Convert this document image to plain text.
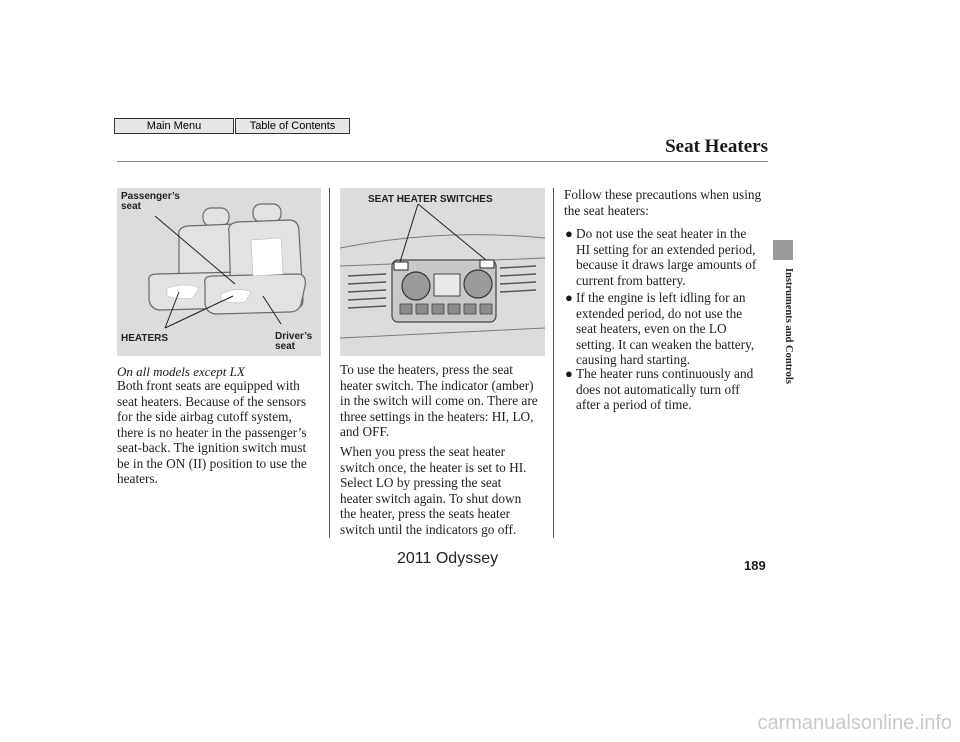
Main Menu	Table of Contents
Seat Heaters
Passenger’s
seat
HEATERS	Driver’s
seat
SEAT HEATER SWITCHES
On all models except LX
Both front seats are equipped with
seat heaters. Because of the sensors
for the side airbag cutoff system,
there is no heater in the passenger’s
seat-back. The ignition switch must
be in the ON (II) position to use the
heaters.
To use the heaters, press the seat
heater switch. The indicator (amber)
in the switch will come on. There are
three settings in the heaters: HI, LO,
and OFF.
When you press the seat heater
switch once, the heater is set to HI.
Select LO by pressing the seat
heater switch again. To shut down
the heater, press the seats heater
switch until the indicators go off.
Follow these precautions when using
the seat heaters:
● Do not use the seat heater in the
HI setting for an extended period,
because it draws large amounts of
current from battery.
● If the engine is left idling for an
extended period, do not use the
seat heaters, even on the LO
setting. It can weaken the battery,
causing hard starting.
● The heater runs continuously and
does not automatically turn off
after a period of time.
Instruments and Controls
2011 Odyssey	189
carmanualsonline.info
